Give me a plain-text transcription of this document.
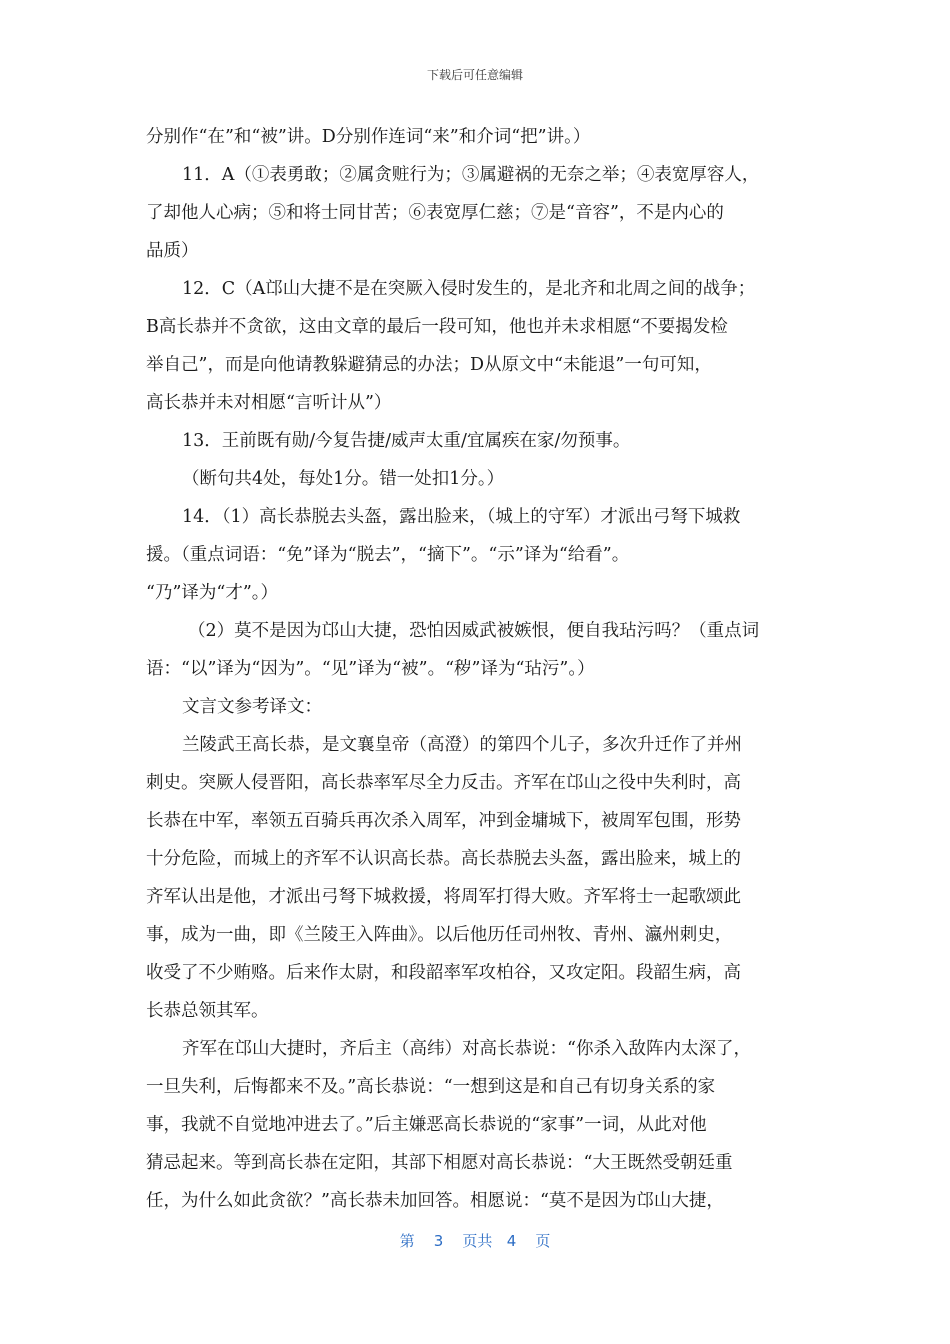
下载后可任意编辑
分别作“在”和“被”讲。D分别作连词“来”和介词“把”讲。）
11．A（①表勇敢；②属贪赃行为；③属避祸的无奈之举；④表宽厚容人，
了却他人心病；⑤和将士同甘苦；⑥表宽厚仁慈；⑦是“音容”，不是内心的
品质）
12．C（A邙山大捷不是在突厥入侵时发生的，是北齐和北周之间的战争；
B高长恭并不贪欲，这由文章的最后一段可知，他也并未求相愿“不要揭发检
举自己”，而是向他请教躲避猜忌的办法；D从原文中“未能退”一句可知，
高长恭并未对相愿“言听计从”）
13．王前既有勋/今复告捷/威声太重/宜属疾在家/勿预事。
（断句共4处，每处1分。错一处扣1分。）
14．（1）高长恭脱去头盔，露出脸来，（城上的守军）才派出弓弩下城救
援。（重点词语：“免”译为“脱去”，“摘下”。“示”译为“给看”。
“乃”译为“才”。）
（2）莫不是因为邙山大捷，恐怕因威武被嫉恨，便自我玷污吗？（重点词
语：“以”译为“因为”。“见”译为“被”。“秽”译为“玷污”。）
文言文参考译文：
兰陵武王高长恭，是文襄皇帝（高澄）的第四个儿子，多次升迁作了并州
刺史。突厥人侵晋阳，高长恭率军尽全力反击。齐军在邙山之役中失利时，高
长恭在中军，率领五百骑兵再次杀入周军，冲到金墉城下，被周军包围，形势
十分危险，而城上的齐军不认识高长恭。高长恭脱去头盔，露出脸来，城上的
齐军认出是他，才派出弓弩下城救援，将周军打得大败。齐军将士一起歌颂此
事，成为一曲，即《兰陵王入阵曲》。以后他历任司州牧、青州、瀛州刺史，
收受了不少贿赂。后来作太尉，和段韶率军攻柏谷，又攻定阳。段韶生病，高
长恭总领其军。
齐军在邙山大捷时，齐后主（高纬）对高长恭说：“你杀入敌阵内太深了，
一旦失利，后悔都来不及。”高长恭说：“一想到这是和自己有切身关系的家
事，我就不自觉地冲进去了。”后主嫌恶高长恭说的“家事”一词，从此对他
猜忌起来。等到高长恭在定阳，其部下相愿对高长恭说：“大王既然受朝廷重
任，为什么如此贪欲？”高长恭未加回答。相愿说：“莫不是因为邙山大捷，
第 3 页共 4 页
